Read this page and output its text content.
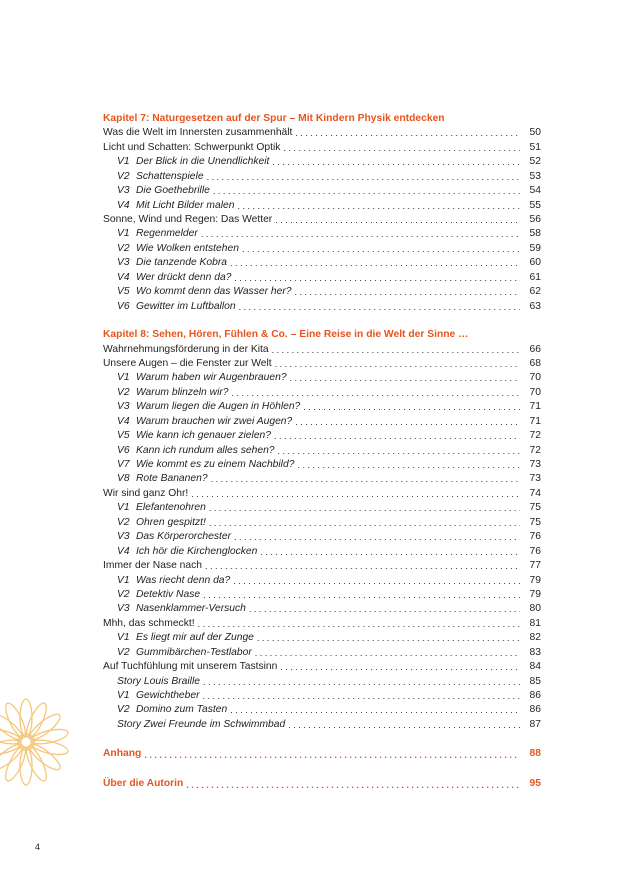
Kapitel 7: Naturgesetzen auf der Spur – Mit Kindern Physik entdecken
Was die Welt im Innersten zusammenhält . . .	50
Licht und Schatten: Schwerpunkt Optik . . .	51
V1 Der Blick in die Unendlichkeit . . .	52
V2 Schattenspiele . . .	53
V3 Die Goethebrille . . .	54
V4 Mit Licht Bilder malen . . .	55
Sonne, Wind und Regen: Das Wetter . . .	56
V1 Regenmelder . . .	58
V2 Wie Wolken entstehen . . .	59
V3 Die tanzende Kobra . . .	60
V4 Wer drückt denn da? . . .	61
V5 Wo kommt denn das Wasser her? . . .	62
V6 Gewitter im Luftballon . . .	63
Kapitel 8: Sehen, Hören, Fühlen & Co. – Eine Reise in die Welt der Sinne …
Wahrnehmungsförderung in der Kita . . .	66
Unsere Augen – die Fenster zur Welt . . .	68
V1 Warum haben wir Augenbrauen? . . .	70
V2 Warum blinzeln wir? . . .	70
V3 Warum liegen die Augen in Höhlen? . . .	71
V4 Warum brauchen wir zwei Augen? . . .	71
V5 Wie kann ich genauer zielen? . . .	72
V6 Kann ich rundum alles sehen? . . .	72
V7 Wie kommt es zu einem Nachbild? . . .	73
V8 Rote Bananen? . . .	73
Wir sind ganz Ohr! . . .	74
V1 Elefantenohren . . .	75
V2 Ohren gespitzt! . . .	75
V3 Das Körperorchester . . .	76
V4 Ich hör die Kirchenglocken . . .	76
Immer der Nase nach . . .	77
V1 Was riecht denn da? . . .	79
V2 Detektiv Nase . . .	79
V3 Nasenklammer-Versuch . . .	80
Mhh, das schmeckt! . . .	81
V1 Es liegt mir auf der Zunge . . .	82
V2 Gummibärchen-Testlabor . . .	83
Auf Tuchfühlung mit unserem Tastsinn . . .	84
Story Louis Braille . . .	85
V1 Gewichtheber . . .	86
V2 Domino zum Tasten . . .	86
Story Zwei Freunde im Schwimmbad . . .	87
Anhang . . .	88
Über die Autorin . . .	95
4
